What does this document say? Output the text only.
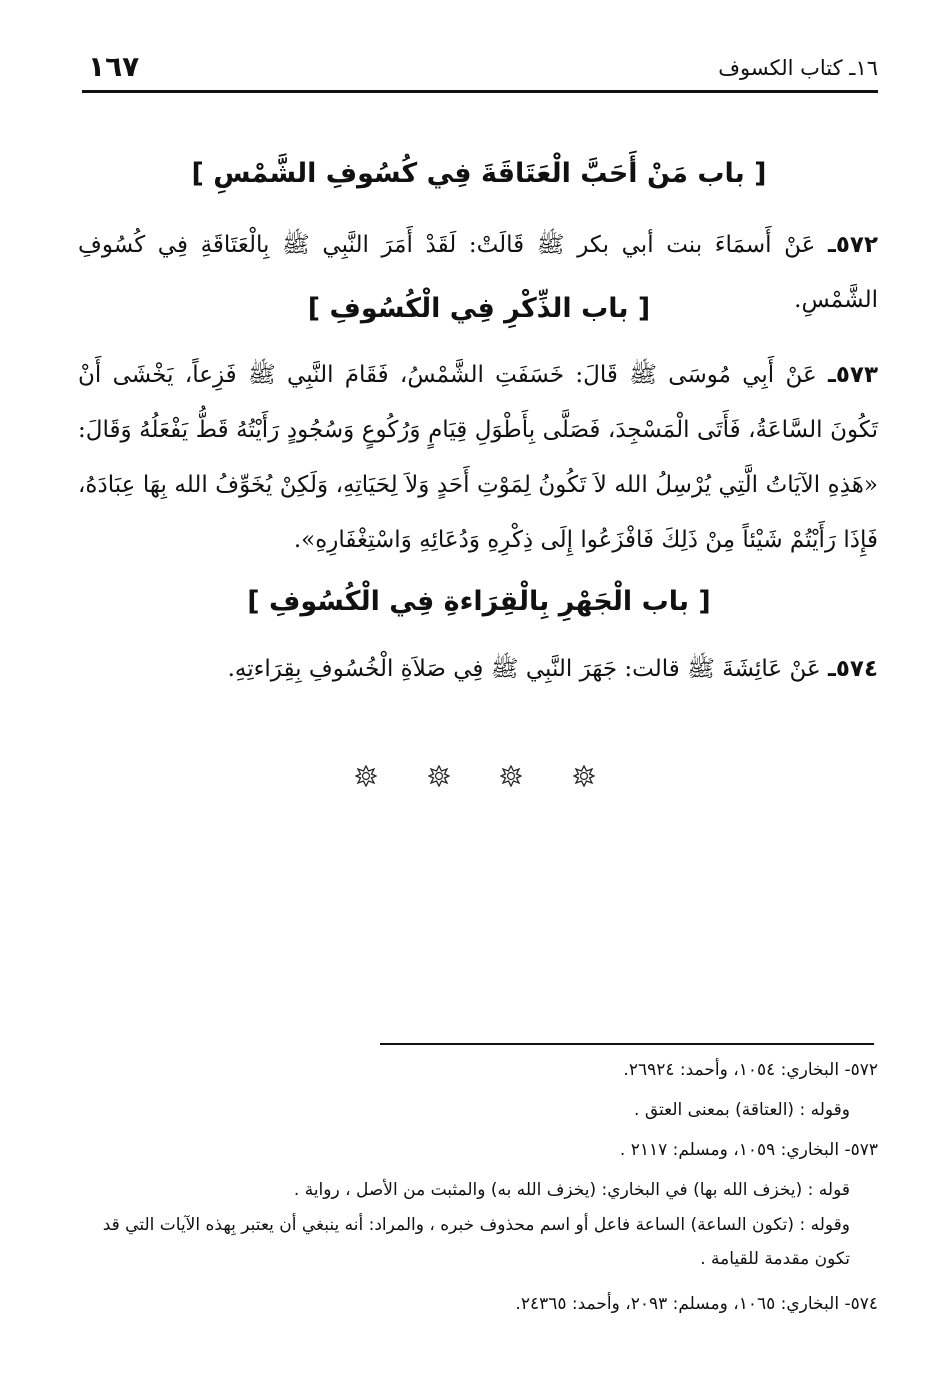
١٦٧	١٦ـ كتاب الكسوف
[ باب مَنْ أَحَبَّ الْعَتَاقَةَ فِي كُسُوفِ الشَّمْسِ ]
٥٧٢ـ عَنْ أَسمَاءَ بنت أبي بكر ﷺ قَالَتْ: لَقَدْ أَمَرَ النَّبِي ﷺ بِالْعَتَاقَةِ فِي كُسُوفِ الشَّمْسِ.
[ باب الذِّكْرِ فِي الْكُسُوفِ ]
٥٧٣ـ عَنْ أَبِي مُوسَى ﷺ قَالَ: خَسَفَتِ الشَّمْسُ، فَقَامَ النَّبِي ﷺ فَزِعاً، يَخْشَى أَنْ تَكُونَ السَّاعَةُ، فَأَتَى الْمَسْجِدَ، فَصَلَّى بِأَطْوَلِ قِيَامٍ وَرُكُوعٍ وَسُجُودٍ رَأَيْتُهُ قَطُّ يَفْعَلُهُ وَقَالَ: «هَذِهِ الآيَاتُ الَّتِي يُرْسِلُ الله لاَ تَكُونُ لِمَوْتِ أَحَدٍ وَلاَ لِحَيَاتِهِ، وَلَكِنْ يُخَوِّفُ الله بِهَا عِبَادَهُ، فَإِذَا رَأَيْتُمْ شَيْئاً مِنْ ذَلِكَ فَافْزَعُوا إِلَى ذِكْرِهِ وَدُعَائِهِ وَاسْتِغْفَارِهِ».
[ باب الْجَهْرِ بِالْقِرَاءةِ فِي الْكُسُوفِ ]
٥٧٤ـ عَنْ عَائِشَةَ ﷺ قالت: جَهَرَ النَّبِي ﷺ فِي صَلاَةِ الْخُسُوفِ بِقِرَاءتِهِ.
٥٧٢- البخاري: ١٠٥٤، وأحمد: ٢٦٩٢٤.
وقوله : (العتاقة) بمعنى العتق .
٥٧٣- البخاري: ١٠٥٩، ومسلم: ٢١١٧ .
قوله : (يخزف الله بها) في البخاري: (يخزف الله به) والمثبت من الأصل ، رواية .
وقوله : (تكون الساعة) الساعة فاعل أو اسم محذوف خبره ، والمراد: أنه ينبغي أن يعتبر بِهذه الآيات التي قد تكون مقدمة للقيامة .
٥٧٤- البخاري: ١٠٦٥، ومسلم: ٢٠٩٣، وأحمد: ٢٤٣٦٥.
